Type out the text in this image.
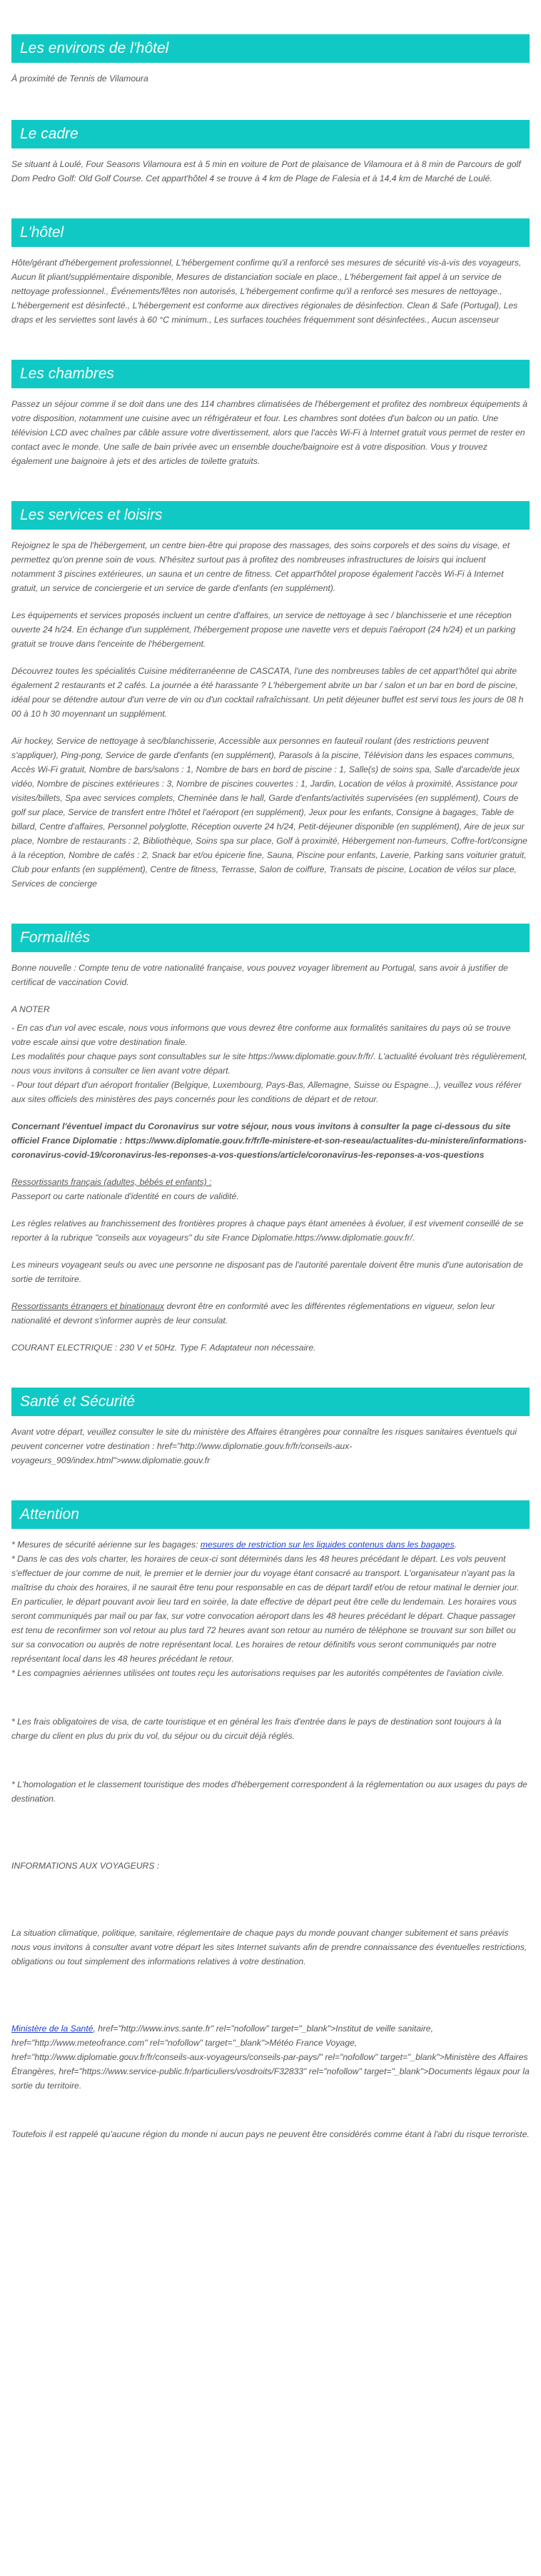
Les environs de l'hôtel

À proximité de Tennis de Vilamoura

Le cadre

Se situant à Loulé, Four Seasons Vilamoura est à 5 min en voiture de Port de plaisance de Vilamoura et à 8 min de Parcours de golf Dom Pedro Golf: Old Golf Course. Cet appart'hôtel 4 se trouve à 4 km de Plage de Falesia et à 14,4 km de Marché de Loulé.

L'hôtel

Hôte/gérant d'hébergement professionnel, L'hébergement confirme qu'il a renforcé ses mesures de sécurité vis-à-vis des voyageurs, Aucun lit pliant/supplémentaire disponible, Mesures de distanciation sociale en place., L'hébergement fait appel à un service de nettoyage professionnel., Événements/fêtes non autorisés, L'hébergement confirme qu'il a renforcé ses mesures de nettoyage., L'hébergement est désinfecté., L'hébergement est conforme aux directives régionales de désinfection. Clean & Safe (Portugal), Les draps et les serviettes sont lavés à 60 °C minimum., Les surfaces touchées fréquemment sont désinfectées., Aucun ascenseur

Les chambres

Passez un séjour comme il se doit dans une des 114 chambres climatisées de l'hébergement et profitez des nombreux équipements à votre disposition, notamment une cuisine avec un réfrigérateur et four. Les chambres sont dotées d'un balcon ou un patio. Une télévision LCD avec chaînes par câble assure votre divertissement, alors que l'accès Wi-Fi à Internet gratuit vous permet de rester en contact avec le monde. Une salle de bain privée avec un ensemble douche/baignoire est à votre disposition. Vous y trouvez également une baignoire à jets et des articles de toilette gratuits.

Les services et loisirs

Rejoignez le spa de l'hébergement, un centre bien-être qui propose des massages, des soins corporels et des soins du visage, et permettez qu'on prenne soin de vous. N'hésitez surtout pas à profitez des nombreuses infrastructures de loisirs qui incluent notamment 3 piscines extérieures, un sauna et un centre de fitness. Cet appart'hôtel propose également l'accès Wi-Fi à Internet gratuit, un service de conciergerie et un service de garde d'enfants (en supplément).

Les équipements et services proposés incluent un centre d'affaires, un service de nettoyage à sec / blanchisserie et une réception ouverte 24 h/24. En échange d'un supplément, l'hébergement propose une navette vers et depuis l'aéroport (24 h/24) et un parking gratuit se trouve dans l'enceinte de l'hébergement.

Découvrez toutes les spécialités Cuisine méditerranéenne de CASCATA, l'une des nombreuses tables de cet appart'hôtel qui abrite également 2 restaurants et 2 cafés. La journée a été harassante ? L'hébergement abrite un bar / salon et un bar en bord de piscine, idéal pour se détendre autour d'un verre de vin ou d'un cocktail rafraîchissant. Un petit déjeuner buffet est servi tous les jours de 08 h 00 à 10 h 30 moyennant un supplément.

Air hockey, Service de nettoyage à sec/blanchisserie, Accessible aux personnes en fauteuil roulant (des restrictions peuvent s'appliquer), Ping-pong, Service de garde d'enfants (en supplément), Parasols à la piscine, Télévision dans les espaces communs, Accès Wi-Fi gratuit, Nombre de bars/salons : 1, Nombre de bars en bord de piscine : 1, Salle(s) de soins spa, Salle d'arcade/de jeux vidéo, Nombre de piscines extérieures : 3, Nombre de piscines couvertes : 1, Jardin, Location de vélos à proximité, Assistance pour visites/billets, Spa avec services complets, Cheminée dans le hall, Garde d'enfants/activités supervisées (en supplément), Cours de golf sur place, Service de transfert entre l'hôtel et l'aéroport (en supplément), Jeux pour les enfants, Consigne à bagages, Table de billard, Centre d'affaires, Personnel polyglotte, Réception ouverte 24 h/24, Petit-déjeuner disponible (en supplément), Aire de jeux sur place, Nombre de restaurants : 2, Bibliothèque, Soins spa sur place, Golf à proximité, Hébergement non-fumeurs, Coffre-fort/consigne à la réception, Nombre de cafés : 2, Snack bar et/ou épicerie fine, Sauna, Piscine pour enfants, Laverie, Parking sans voiturier gratuit, Club pour enfants (en supplément), Centre de fitness, Terrasse, Salon de coiffure, Transats de piscine, Location de vélos sur place, Services de concierge

Formalités

Bonne nouvelle : Compte tenu de votre nationalité française, vous pouvez voyager librement au Portugal, sans avoir à justifier de certificat de vaccination Covid.

A NOTER
- En cas d'un vol avec escale, nous vous informons que vous devrez être conforme aux formalités sanitaires du pays où se trouve votre escale ainsi que votre destination finale.
Les modalités pour chaque pays sont consultables sur le site https://www.diplomatie.gouv.fr/fr/. L'actualité évoluant très régulièrement, nous vous invitons à consulter ce lien avant votre départ.

- Pour tout départ d'un aéroport frontalier (Belgique, Luxembourg, Pays-Bas, Allemagne, Suisse ou Espagne...), veuillez vous référer aux sites officiels des ministères des pays concernés pour les conditions de départ et de retour.

Concernant l'éventuel impact du Coronavirus sur votre séjour, nous vous invitons à consulter la page ci-dessous du site officiel France Diplomatie : https://www.diplomatie.gouv.fr/fr/le-ministere-et-son-reseau/actualites-du-ministere/informations-coronavirus-covid-19/coronavirus-les-reponses-a-vos-questions/article/coronavirus-les-reponses-a-vos-questions

Ressortissants français (adultes, bébés et enfants) :

Passeport ou carte nationale d'identité en cours de validité.

Les règles relatives au franchissement des frontières propres à chaque pays étant amenées à évoluer, il est vivement conseillé de se reporter à la rubrique "conseils aux voyageurs" du site France Diplomatie.https://www.diplomatie.gouv.fr/.

Les mineurs voyageant seuls ou avec une personne ne disposant pas de l'autorité parentale doivent être munis d'une autorisation de sortie de territoire.

Ressortissants étrangers et binationaux devront être en conformité avec les différentes réglementations en vigueur, selon leur nationalité et devront s'informer auprès de leur consulat.

COURANT ELECTRIQUE : 230 V et 50Hz. Type F. Adaptateur non nécessaire.

Santé et Sécurité

Avant votre départ, veuillez consulter le site du ministère des Affaires étrangères pour connaître les risques sanitaires éventuels qui peuvent concerner votre destination : href="http://www.diplomatie.gouv.fr/fr/conseils-aux-voyageurs_909/index.html">www.diplomatie.gouv.fr

Attention
* Mesures de sécurité aérienne sur les bagages: mesures de restriction sur les liquides contenus dans les bagages.
* Dans le cas des vols charter, les horaires de ceux-ci sont déterminés dans les 48 heures précédant le départ. Les vols peuvent s'effectuer de jour comme de nuit, le premier et le dernier jour du voyage étant consacré au transport. L'organisateur n'ayant pas la maîtrise du choix des horaires, il ne saurait être tenu pour responsable en cas de départ tardif et/ou de retour matinal le dernier jour. En particulier, le départ pouvant avoir lieu tard en soirée, la date effective de départ peut être celle du lendemain. Les horaires vous seront communiqués par mail ou par fax, sur votre convocation aéroport dans les 48 heures précédant le départ. Chaque passager est tenu de reconfirmer son vol retour au plus tard 72 heures avant son retour au numéro de téléphone se trouvant sur son billet ou sur sa convocation ou auprès de notre représentant local. Les horaires de retour définitifs vous seront communiqués par notre représentant local dans les 48 heures précédant le retour.

* Les compagnies aériennes utilisées ont toutes reçu les autorisations requises par les autorités compétentes de l'aviation civile.

* Les frais obligatoires de visa, de carte touristique et en général les frais d'entrée dans le pays de destination sont toujours à la charge du client en plus du prix du vol, du séjour ou du circuit déjà réglés.

* L'homologation et le classement touristique des modes d'hébergement correspondent à la réglementation ou aux usages du pays de destination.

INFORMATIONS AUX VOYAGEURS :

La situation climatique, politique, sanitaire, réglementaire de chaque pays du monde pouvant changer subitement et sans préavis
nous vous invitons à consulter avant votre départ les sites Internet suivants afin de prendre connaissance des éventuelles restrictions, obligations ou tout simplement des informations relatives à votre destination.

Ministère de la Santé, href="http://www.invs.sante.fr" rel="nofollow" target="_blank">Institut de veille sanitaire, href="http://www.meteofrance.com" rel="nofollow" target="_blank">Météo France Voyage, href="http://www.diplomatie.gouv.fr/fr/conseils-aux-voyageurs/conseils-par-pays/" rel="nofollow" target="_blank">Ministère des Affaires Étrangères, href="https://www.service-public.fr/particuliers/vosdroits/F32833" rel="nofollow" target="_blank">Documents légaux pour la sortie du territoire.

Toutefois il est rappelé qu'aucune région du monde ni aucun pays ne peuvent être considérés comme étant à l'abri du risque terroriste.
